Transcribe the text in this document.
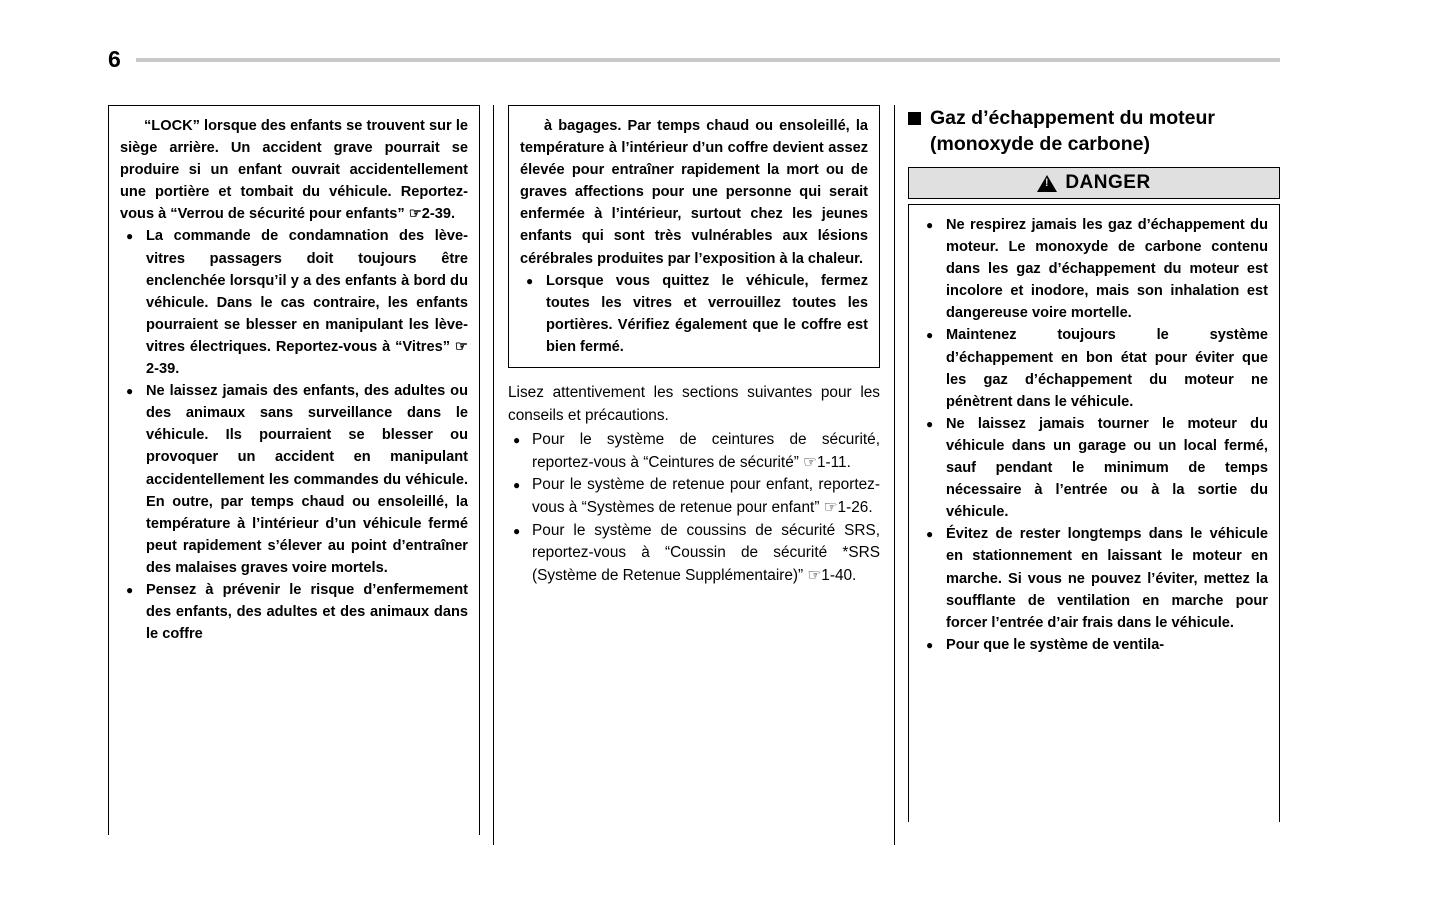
6
“LOCK” lorsque des enfants se trouvent sur le siège arrière. Un accident grave pourrait se produire si un enfant ouvrait accidentellement une portière et tombait du véhicule. Reportez-vous à “Verrou de sécurité pour enfants” ☞2-39.
● La commande de condamnation des lève-vitres passagers doit toujours être enclenchée lorsqu’il y a des enfants à bord du véhicule. Dans le cas contraire, les enfants pourraient se blesser en manipulant les lève-vitres électriques. Reportez-vous à “Vitres” ☞2-39.
● Ne laissez jamais des enfants, des adultes ou des animaux sans surveillance dans le véhicule. Ils pourraient se blesser ou provoquer un accident en manipulant accidentellement les commandes du véhicule. En outre, par temps chaud ou ensoleillé, la température à l’intérieur d’un véhicule fermé peut rapidement s’élever au point d’entraîner des malaises graves voire mortels.
● Pensez à prévenir le risque d’enfermement des enfants, des adultes et des animaux dans le coffre
à bagages. Par temps chaud ou ensoleillé, la température à l’intérieur d’un coffre devient assez élevée pour entraîner rapidement la mort ou de graves affections pour une personne qui serait enfermée à l’intérieur, surtout chez les jeunes enfants qui sont très vulnérables aux lésions cérébrales produites par l’exposition à la chaleur.
● Lorsque vous quittez le véhicule, fermez toutes les vitres et verrouillez toutes les portières. Vérifiez également que le coffre est bien fermé.

Lisez attentivement les sections suivantes pour les conseils et précautions.

● Pour le système de ceintures de sécurité, reportez-vous à “Ceintures de sécurité” ☞1-11.
● Pour le système de retenue pour enfant, reportez-vous à “Systèmes de retenue pour enfant” ☞1-26.
● Pour le système de coussins de sécurité SRS, reportez-vous à “Coussin de sécurité *SRS (Système de Retenue Supplémentaire)” ☞1-40.
Gaz d’échappement du moteur (monoxyde de carbone)
!
DANGER
● Ne respirez jamais les gaz d’échappement du moteur. Le monoxyde de carbone contenu dans les gaz d’échappement du moteur est incolore et inodore, mais son inhalation est dangereuse voire mortelle.
● Maintenez toujours le système d’échappement en bon état pour éviter que les gaz d’échappement du moteur ne pénètrent dans le véhicule.
● Ne laissez jamais tourner le moteur du véhicule dans un garage ou un local fermé, sauf pendant le minimum de temps nécessaire à l’entrée ou à la sortie du véhicule.
● Évitez de rester longtemps dans le véhicule en stationnement en laissant le moteur en marche. Si vous ne pouvez l’éviter, mettez la soufflante de ventilation en marche pour forcer l’entrée d’air frais dans le véhicule.
● Pour que le système de ventila-
